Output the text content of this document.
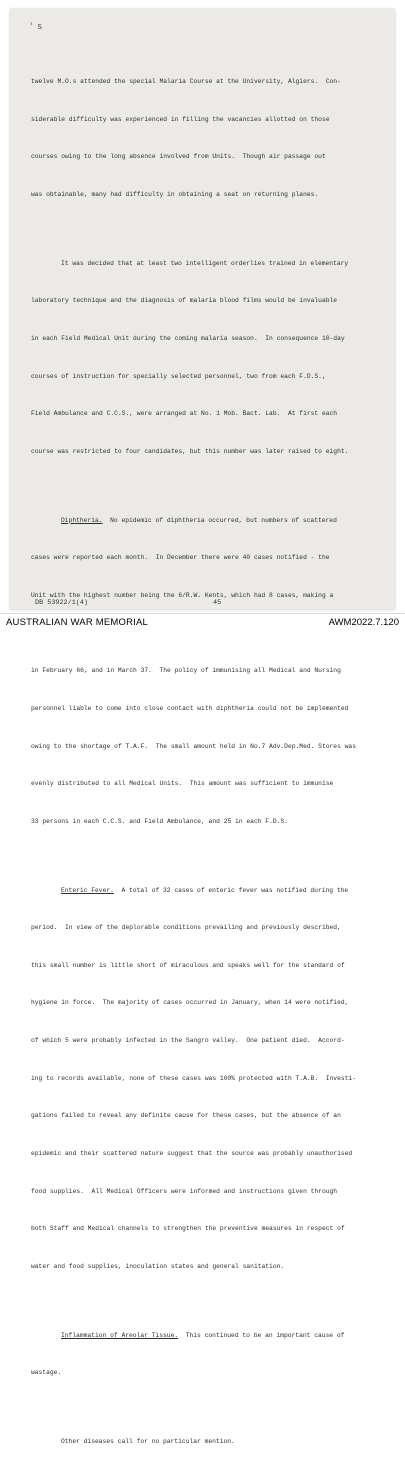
' s

twelve M.O.s attended the special Malaria Course at the University, Algiers.  Con-

siderable difficulty was experienced in filling the vacancies allotted on those

courses owing to the long absence involved from Units.  Though air passage out

was obtainable, many had difficulty in obtaining a seat on returning planes.

It was decided that at least two intelligent orderlies trained in elementary

laboratory technique and the diagnosis of malaria blood films would be invaluable

in each Field Medical Unit during the coming malaria season.  In consequence 10-day

courses of instruction for specially selected personnel, two from each F.D.S.,

Field Ambulance and C.C.S., were arranged at No. 1 Mob. Bact. Lab.  At first each

course was restricted to four candidates, but this number was later raised to eight.

Diphtheria.  No epidemic of diphtheria occurred, but numbers of scattered

cases were reported each month.  In December there were 40 cases notified - the

Unit with the highest number being the 6/R.W. Kents, which had 8 cases, making a

in February 66, and in March 37.  The policy of immunising all Medical and Nursing

personnel liable to come into close contact with diphtheria could not be implemented

owing to the shortage of T.A.F.  The small amount held in No.7 Adv.Dep.Med. Stores was

evenly distributed to all Medical Units.  This amount was sufficient to immunise

33 persons in each C.C.S. and Field Ambulance, and 25 in each F.D.S.

Enteric Fever.  A total of 32 cases of enteric fever was notified during the

period.  In view of the deplorable conditions prevailing and previously described,

this small number is little short of miraculous and speaks well for the standard of

hygiene in force.  The majority of cases occurred in January, when 14 were notified,

of which 5 were probably infected in the Sangro valley.  One patient died.  Accord-

ing to records available, none of these cases was 100% protected with T.A.B.  Investi-

gations failed to reveal any definite cause for these cases, but the absence of an

epidemic and their scattered nature suggest that the source was probably unauthorised

food supplies.  All Medical Officers were informed and instructions given through

both Staff and Medical channels to strengthen the preventive measures in respect of

water and food supplies, inoculation states and general sanitation.

Inflammation of Areolar Tissue.  This continued to be an important cause of

wastage.

Other diseases call for no particular mention.

DB 53922/1(4)	45
AUSTRALIAN WAR MEMORIAL	AWM2022.7.120
